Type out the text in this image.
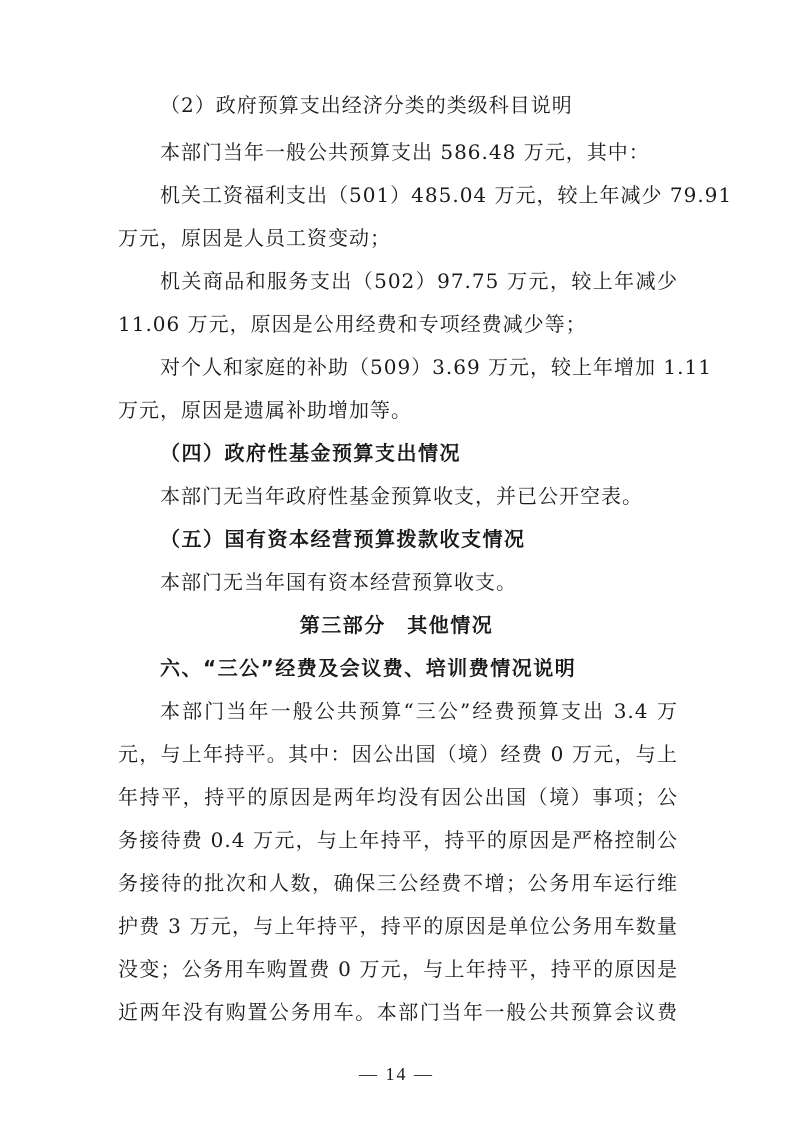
（2）政府预算支出经济分类的类级科目说明
本部门当年一般公共预算支出 586.48 万元，其中：
机关工资福利支出（501）485.04 万元，较上年减少 79.91
万元，原因是人员工资变动；
机关商品和服务支出（502）97.75 万元，较上年减少
11.06 万元，原因是公用经费和专项经费减少等；
对个人和家庭的补助（509）3.69 万元，较上年增加 1.11
万元，原因是遗属补助增加等。
（四）政府性基金预算支出情况
本部门无当年政府性基金预算收支，并已公开空表。
（五）国有资本经营预算拨款收支情况
本部门无当年国有资本经营预算收支。
第三部分　其他情况
六、“三公”经费及会议费、培训费情况说明
本部门当年一般公共预算“三公”经费预算支出 3.4 万
元，与上年持平。其中：因公出国（境）经费 0 万元，与上
年持平，持平的原因是两年均没有因公出国（境）事项；公
务接待费 0.4 万元，与上年持平，持平的原因是严格控制公
务接待的批次和人数，确保三公经费不增；公务用车运行维
护费 3 万元，与上年持平，持平的原因是单位公务用车数量
没变；公务用车购置费 0 万元，与上年持平，持平的原因是
近两年没有购置公务用车。本部门当年一般公共预算会议费
— 14 —
